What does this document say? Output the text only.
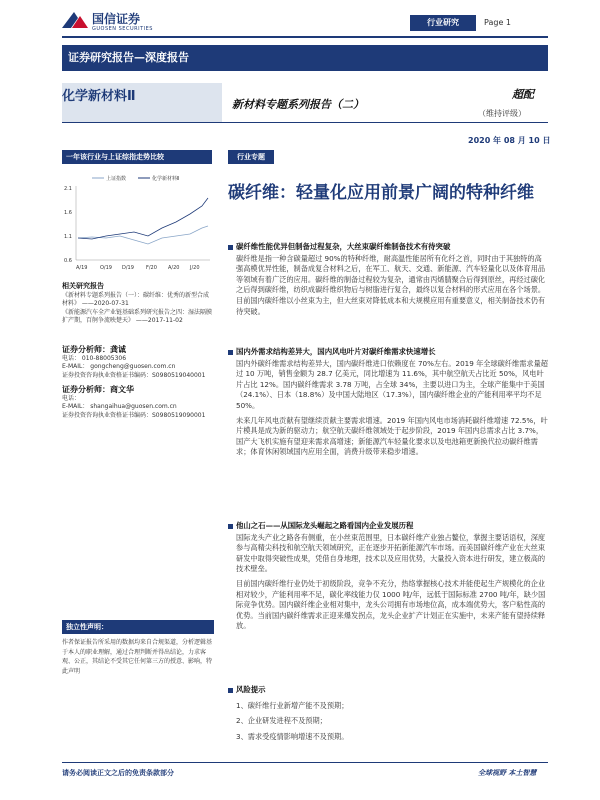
国信证券
GUOSEN SECURITIES
行业研究	Page 1
证券研究报告—深度报告
化学新材料Ⅱ
新材料专题系列报告（二）
超配
（维持评级）
2020 年 08 月 10 日
一年该行业与上证综指走势比较
上证指数	化学新材料Ⅱ
2.1
1.6
1.1
0.6
A/19	O/19 D/19 F/20 A/20 J/20
相关研究报告
《新材料专题系列报告（一）：碳纤维：优秀的新型合成材料》 ——2020-07-31
《新能源汽车全产业链基础系列研究报告之四：湿法隔膜扩产期，百舸争流映楚天》 ——2017-11-02
证券分析师：龚诚
电话： 010-88005306
E-MAIL： gongcheng@guosen.com.cn
证券投资咨询执业资格证书编码：S0980519040001
证券分析师：商文华
电话：
E-MAIL： shangaihua@guosen.com.cn
证券投资咨询执业资格证书编码：S0980519090001
独立性声明：
作者保证报告所采用的数据均来自合规渠道，分析逻辑基于本人的职业理解，通过合理判断并得出结论，力求客观、公正，其结论不受其它任何第三方的授意、影响，特此声明
行业专题
碳纤维：轻量化应用前景广阔的特种纤维
碳纤维性能优异但制备过程复杂，大丝束碳纤维制备技术有待突破
碳纤维是指一种含碳量超过 90%的特种纤维，耐高温性能居所有化纤之首，同时由于其独特的高强高模优异性能，制备成复合材料之后，在军工、航天、交通、新能源、汽车轻量化以及体育用品等领域有着广泛的应用。碳纤维的制备过程较为复杂，通常由丙烯腈聚合后得到原丝，再经过碳化之后得到碳纤维，纺织成碳纤维织物后与树脂进行复合，最终以复合材料的形式应用在各个场景。目前国内碳纤维以小丝束为主，但大丝束对降低成本和大规模应用有重要意义，相关制备技术仍有待突破。
国内外需求结构差异大，国内风电叶片对碳纤维需求快速增长
国内外碳纤维需求结构差异大，国内碳纤维进口依赖度在 70%左右。2019 年全球碳纤维需求量超过 10 万吨，销售金额为 28.7 亿美元，同比增速为 11.6%，其中航空航天占比近 50%，风电叶片占比 12%。国内碳纤维需求 3.78 万吨，占全球 34%，主要以进口为主，全球产能集中于美国（24.1%）、日本（18.8%）及中国大陆地区（17.3%），国内碳纤维企业的产能利用率平均不足 50%。
未来几年风电贡献有望继续贡献主要需求增速。2019 年国内风电市场消耗碳纤维增速 72.5%，叶片模具是成为新的驱动力；航空航天碳纤维领域处于起步阶段，2019 年国内总需求占比 3.7%，国产大飞机实施有望迎来需求高增速；新能源汽车轻量化要求以及电池箱更新换代拉动碳纤维需求；体育休闲领域国内应用全面，消费升级带来稳步增速。
他山之石——从国际龙头崛起之路看国内企业发展历程
国际龙头产业之路各有侧重，在小丝束范围里，日本碳纤维产业独占鳌位，掌握主要话语权，深度参与高精尖科技和航空航天领域研究，正在逐步开拓新能源汽车市场。而美国碳纤维产业在大丝束研发中取得突破性成果，凭借自身地理，技术以及应用优势，大量投入资本进行研发，建立极高的技术壁垒。
目前国内碳纤维行业仍处于初级阶段，竞争不充分，热络掌握核心技术并能使起生产规模化的企业相对较少，产能利用率不足，碳化率线能力仅 1000 吨/年，远低于国际标准 2700 吨/年，缺少国际竞争优势。国内碳纤维企业相对集中，龙头公司拥有市场地位高，成本端优势大，客户粘性高的优势。当前国内碳纤维需求正迎来爆发拐点，龙头企业扩产计划正在实施中，未来产能有望持续释放。
风险提示
1、碳纤维行业新增产能不及预期；
2、企业研发进程不及预期；
3、需求受疫情影响增速不及预期。
请务必阅读正文之后的免责条款部分	全球视野 本土智慧
